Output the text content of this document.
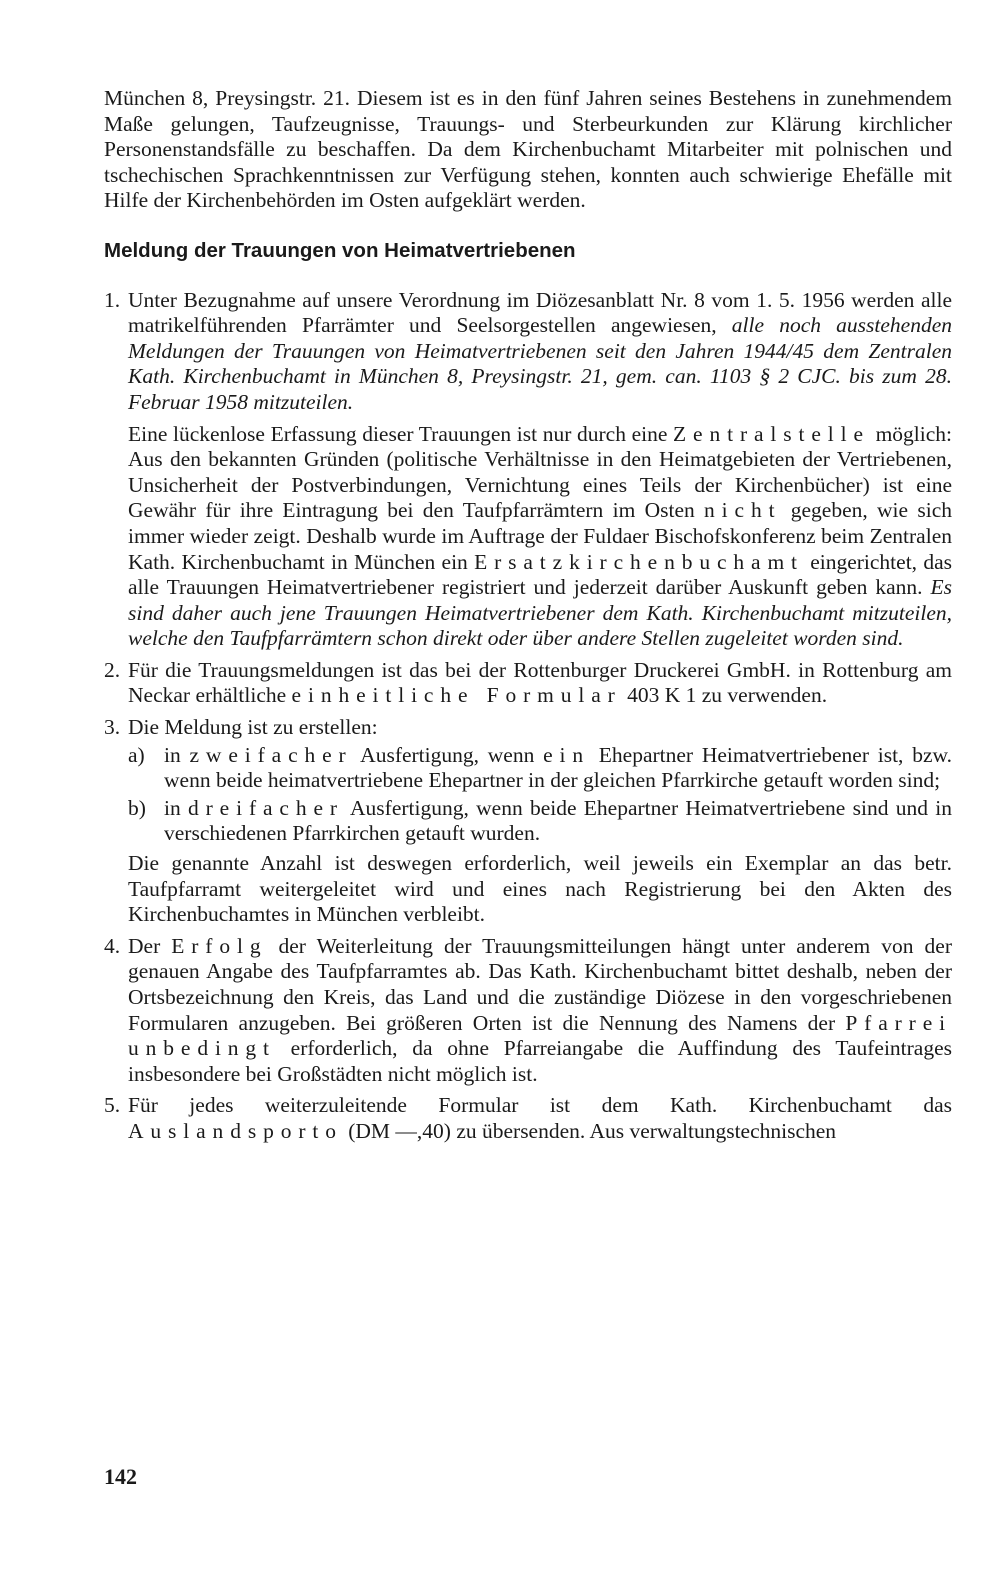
München 8, Preysingstr. 21. Diesem ist es in den fünf Jahren seines Bestehens in zunehmendem Maße gelungen, Taufzeugnisse, Trauungs- und Sterbeurkunden zur Klärung kirchlicher Personenstandsfälle zu beschaffen. Da dem Kirchenbuchamt Mitarbeiter mit polnischen und tschechischen Sprachkenntnissen zur Verfügung stehen, konnten auch schwierige Ehefälle mit Hilfe der Kirchenbehörden im Osten aufgeklärt werden.

Meldung der Trauungen von Heimatvertriebenen
1. Unter Bezugnahme auf unsere Verordnung im Diözesanblatt Nr. 8 vom 1. 5. 1956 werden alle matrikelführenden Pfarrämter und Seelsorgestellen angewiesen, alle noch ausstehenden Meldungen der Trauungen von Heimatvertriebenen seit den Jahren 1944/45 dem Zentralen Kath. Kirchenbuchamt in München 8, Preysingstr. 21, gem. can. 1103 § 2 CJC. bis zum 28. Februar 1958 mitzuteilen.

Eine lückenlose Erfassung dieser Trauungen ist nur durch eine Zentralstelle möglich: Aus den bekannten Gründen (politische Verhältnisse in den Heimatgebieten der Vertriebenen, Unsicherheit der Postverbindungen, Vernichtung eines Teils der Kirchenbücher) ist eine Gewähr für ihre Eintragung bei den Taufpfarrämtern im Osten nicht gegeben, wie sich immer wieder zeigt. Deshalb wurde im Auftrage der Fuldaer Bischofskonferenz beim Zentralen Kath. Kirchenbuchamt in München ein Ersatzkirchenbuchamt eingerichtet, das alle Trauungen Heimatvertriebener registriert und jederzeit darüber Auskunft geben kann. Es sind daher auch jene Trauungen Heimatvertriebener dem Kath. Kirchenbuchamt mitzuteilen, welche den Taufpfarrämtern schon direkt oder über andere Stellen zugeleitet worden sind.

2. Für die Trauungsmeldungen ist das bei der Rottenburger Druckerei GmbH. in Rottenburg am Neckar erhältliche einheitliche Formular 403 K 1 zu verwenden.

3. Die Meldung ist zu erstellen:

a) in zweifacher Ausfertigung, wenn ein Ehepartner Heimatvertriebener ist, bzw. wenn beide heimatvertriebene Ehepartner in der gleichen Pfarrkirche getauft worden sind;

b) in dreifacher Ausfertigung, wenn beide Ehepartner Heimatvertriebene sind und in verschiedenen Pfarrkirchen getauft wurden.

Die genannte Anzahl ist deswegen erforderlich, weil jeweils ein Exemplar an das betr. Taufpfarramt weitergeleitet wird und eines nach Registrierung bei den Akten des Kirchenbuchamtes in München verbleibt.

4. Der Erfolg der Weiterleitung der Trauungsmitteilungen hängt unter anderem von der genauen Angabe des Taufpfarramtes ab. Das Kath. Kirchenbuchamt bittet deshalb, neben der Ortsbezeichnung den Kreis, das Land und die zuständige Diözese in den vorgeschriebenen Formularen anzugeben. Bei größeren Orten ist die Nennung des Namens der Pfarrei unbedingt erforderlich, da ohne Pfarreiangabe die Auffindung des Taufeintrages insbesondere bei Großstädten nicht möglich ist.

5. Für jedes weiterzuleitende Formular ist dem Kath. Kirchenbuchamt das Auslandsporto (DM —,40) zu übersenden. Aus verwaltungstechnischen

142
